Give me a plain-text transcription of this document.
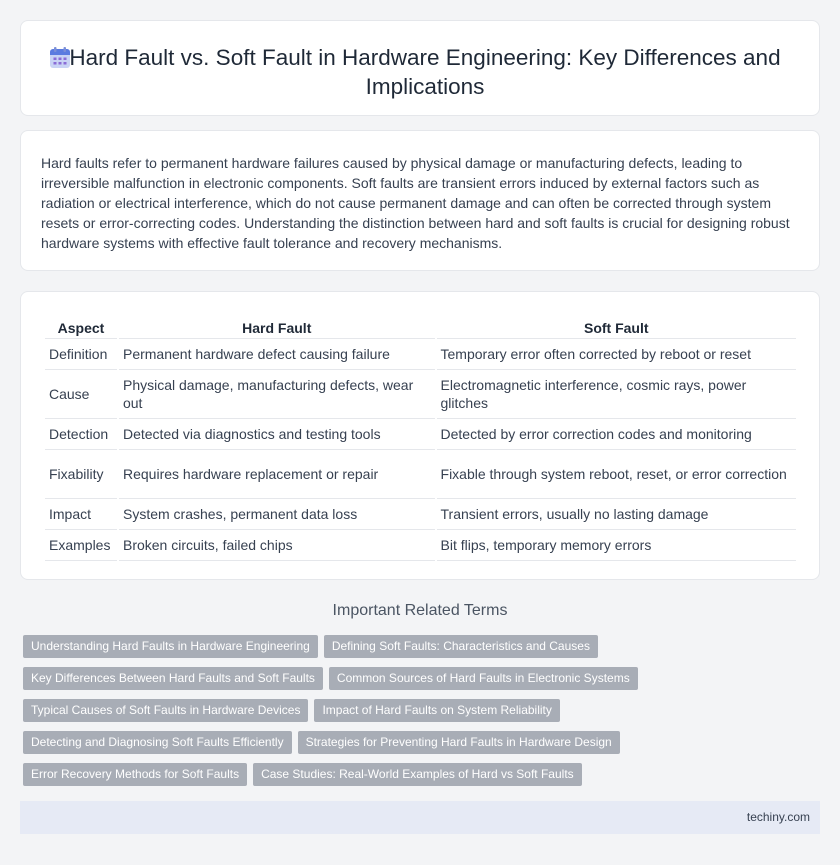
Hard Fault vs. Soft Fault in Hardware Engineering: Key Differences and Implications

Hard faults refer to permanent hardware failures caused by physical damage or manufacturing defects, leading to irreversible malfunction in electronic components. Soft faults are transient errors induced by external factors such as radiation or electrical interference, which do not cause permanent damage and can often be corrected through system resets or error-correcting codes. Understanding the distinction between hard and soft faults is crucial for designing robust hardware systems with effective fault tolerance and recovery mechanisms.

Aspect	Hard Fault	Soft Fault
Definition	Permanent hardware defect causing failure	Temporary error often corrected by reboot or reset
Cause	Physical damage, manufacturing defects, wear out	Electromagnetic interference, cosmic rays, power glitches
Detection	Detected via diagnostics and testing tools	Detected by error correction codes and monitoring
Fixability	Requires hardware replacement or repair	Fixable through system reboot, reset, or error correction
Impact	System crashes, permanent data loss	Transient errors, usually no lasting damage
Examples	Broken circuits, failed chips	Bit flips, temporary memory errors
Important Related Terms
Understanding Hard Faults in Hardware Engineering	Defining Soft Faults: Characteristics and Causes
Key Differences Between Hard Faults and Soft Faults	Common Sources of Hard Faults in Electronic Systems
Typical Causes of Soft Faults in Hardware Devices	Impact of Hard Faults on System Reliability
Detecting and Diagnosing Soft Faults Efficiently	Strategies for Preventing Hard Faults in Hardware Design
Error Recovery Methods for Soft Faults	Case Studies: Real-World Examples of Hard vs Soft Faults
techiny.com
